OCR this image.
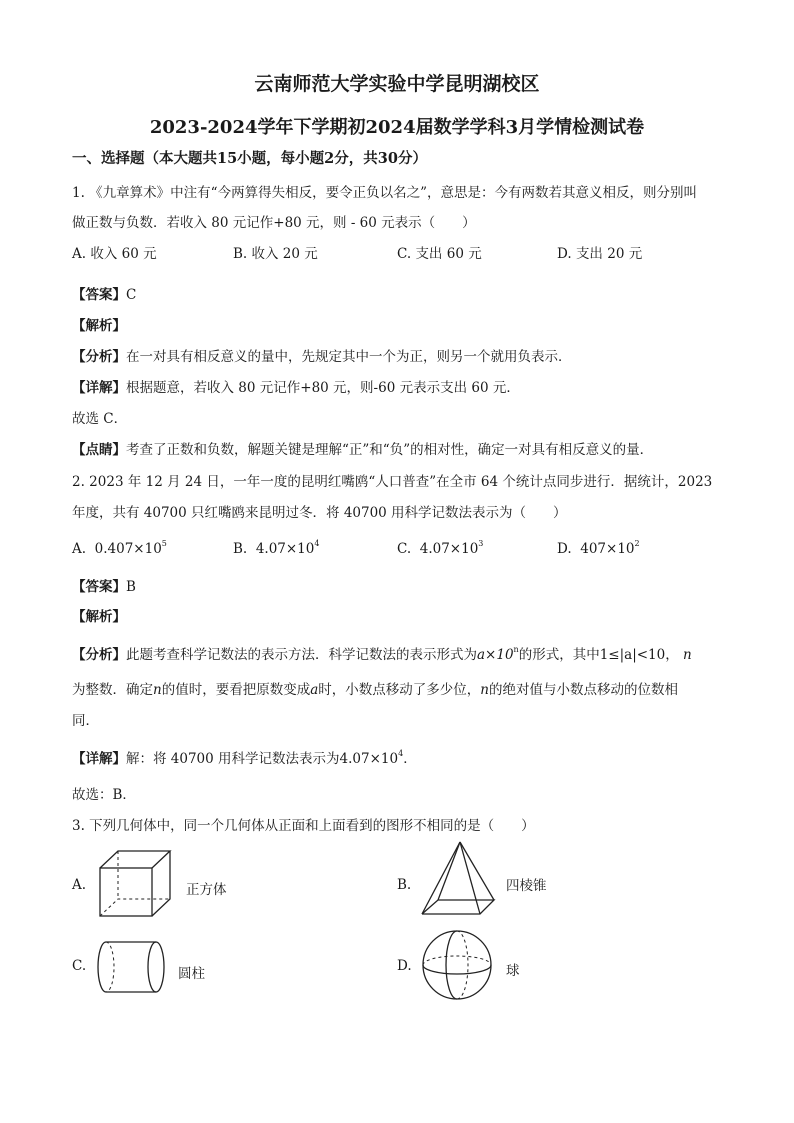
云南师范大学实验中学昆明湖校区
2023-2024学年下学期初2024届数学学科3月学情检测试卷
一、选择题（本大题共15小题，每小题2分，共30分）
1. 《九章算术》中注有“今两算得失相反，要令正负以名之”，意思是：今有两数若其意义相反，则分别叫
做正数与负数．若收入 80 元记作+80 元，则 - 60 元表示（　　）
A. 收入 60 元	B. 收入 20 元	C. 支出 60 元	D. 支出 20 元
【答案】C
【解析】
【分析】在一对具有相反意义的量中，先规定其中一个为正，则另一个就用负表示．
【详解】根据题意，若收入 80 元记作+80 元，则-60 元表示支出 60 元．
故选 C．
【点睛】考查了正数和负数，解题关键是理解“正”和“负”的相对性，确定一对具有相反意义的量．
2. 2023 年 12 月 24 日，一年一度的昆明红嘴鸥“人口普查”在全市 64 个统计点同步进行．据统计，2023
年度，共有 40700 只红嘴鸥来昆明过冬．将 40700 用科学记数法表示为（　　）
A. $0.407\times 10^5$	B. $4.07\times 10^4$	C. $4.07\times 10^3$	D. $407\times 10^2$
【答案】B
【解析】
【分析】此题考查科学记数法的表示方法．科学记数法的表示形式为$a\times 10^n$的形式，其中1≤|a|<10， n
为整数．确定n的值时，要看把原数变成a时，小数点移动了多少位，n的绝对值与小数点移动的位数相
同．
【详解】解：将 40700 用科学记数法表示为$4.07\times 10^4$．
故选：B．
3. 下列几何体中，同一个几何体从正面和上面看到的图形不相同的是（　　）
A.	正方体	B.	四棱锥
C.	圆柱	D.	球
